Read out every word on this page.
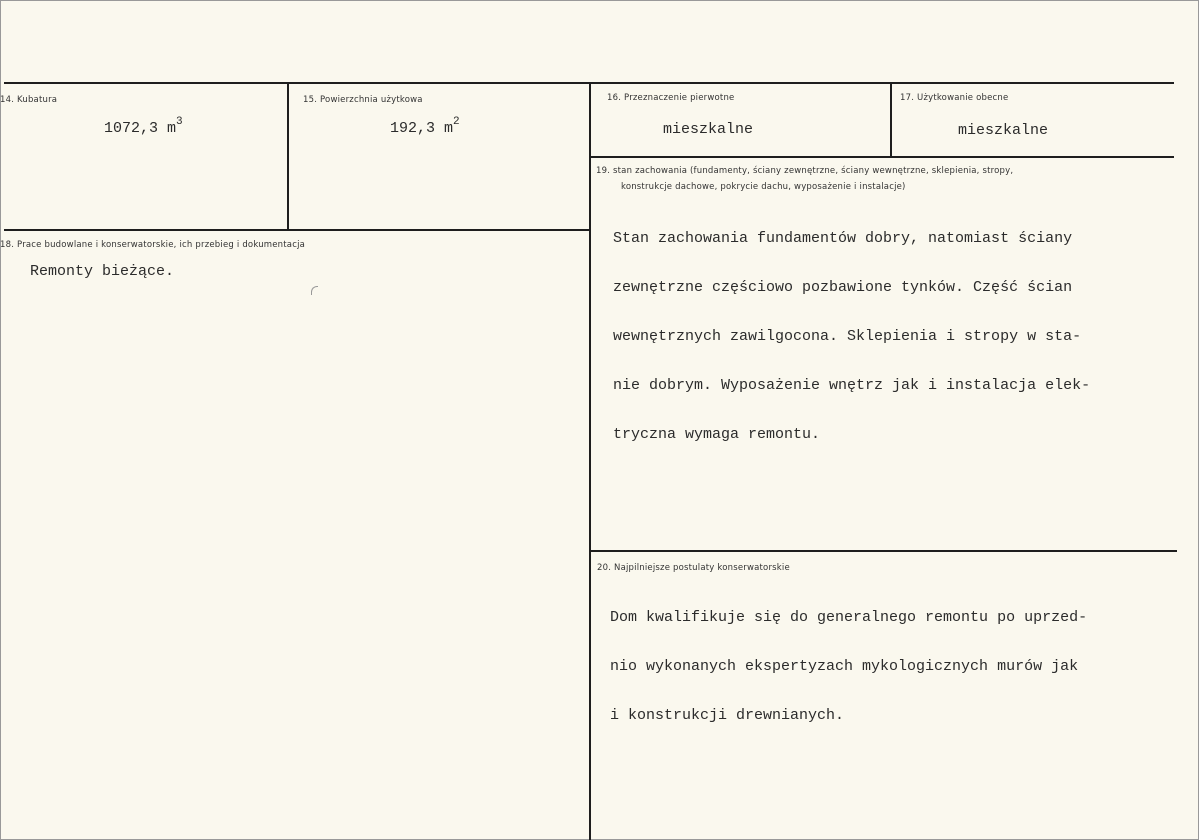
14. Kubatura
1072,3 $m^3$
15. Powierzchnia użytkowa
192,3 $m^2$
16. Przeznaczenie pierwotne
mieszkalne
17. Użytkowanie obecne
mieszkalne
18. Prace budowlane i konserwatorskie, ich przebieg i dokumentacja
Remonty bieżące.
19. stan zachowania (fundamenty, ściany zewnętrzne, ściany wewnętrzne, sklepienia, stropy,
konstrukcje dachowe, pokrycie dachu, wyposażenie i instalacje)

Stan zachowania fundamentów dobry, natomiast ściany

zewnętrzne częściowo pozbawione tynków. Część ścian

wewnętrznych zawilgocona. Sklepienia i stropy w sta-

nie dobrym. Wyposażenie wnętrz jak i instalacja elek-

tryczna wymaga remontu.

20. Najpilniejsze postulaty konserwatorskie

Dom kwalifikuje się do generalnego remontu po uprzed-

nio wykonanych ekspertyzach mykologicznych murów jak

i konstrukcji drewnianych.
